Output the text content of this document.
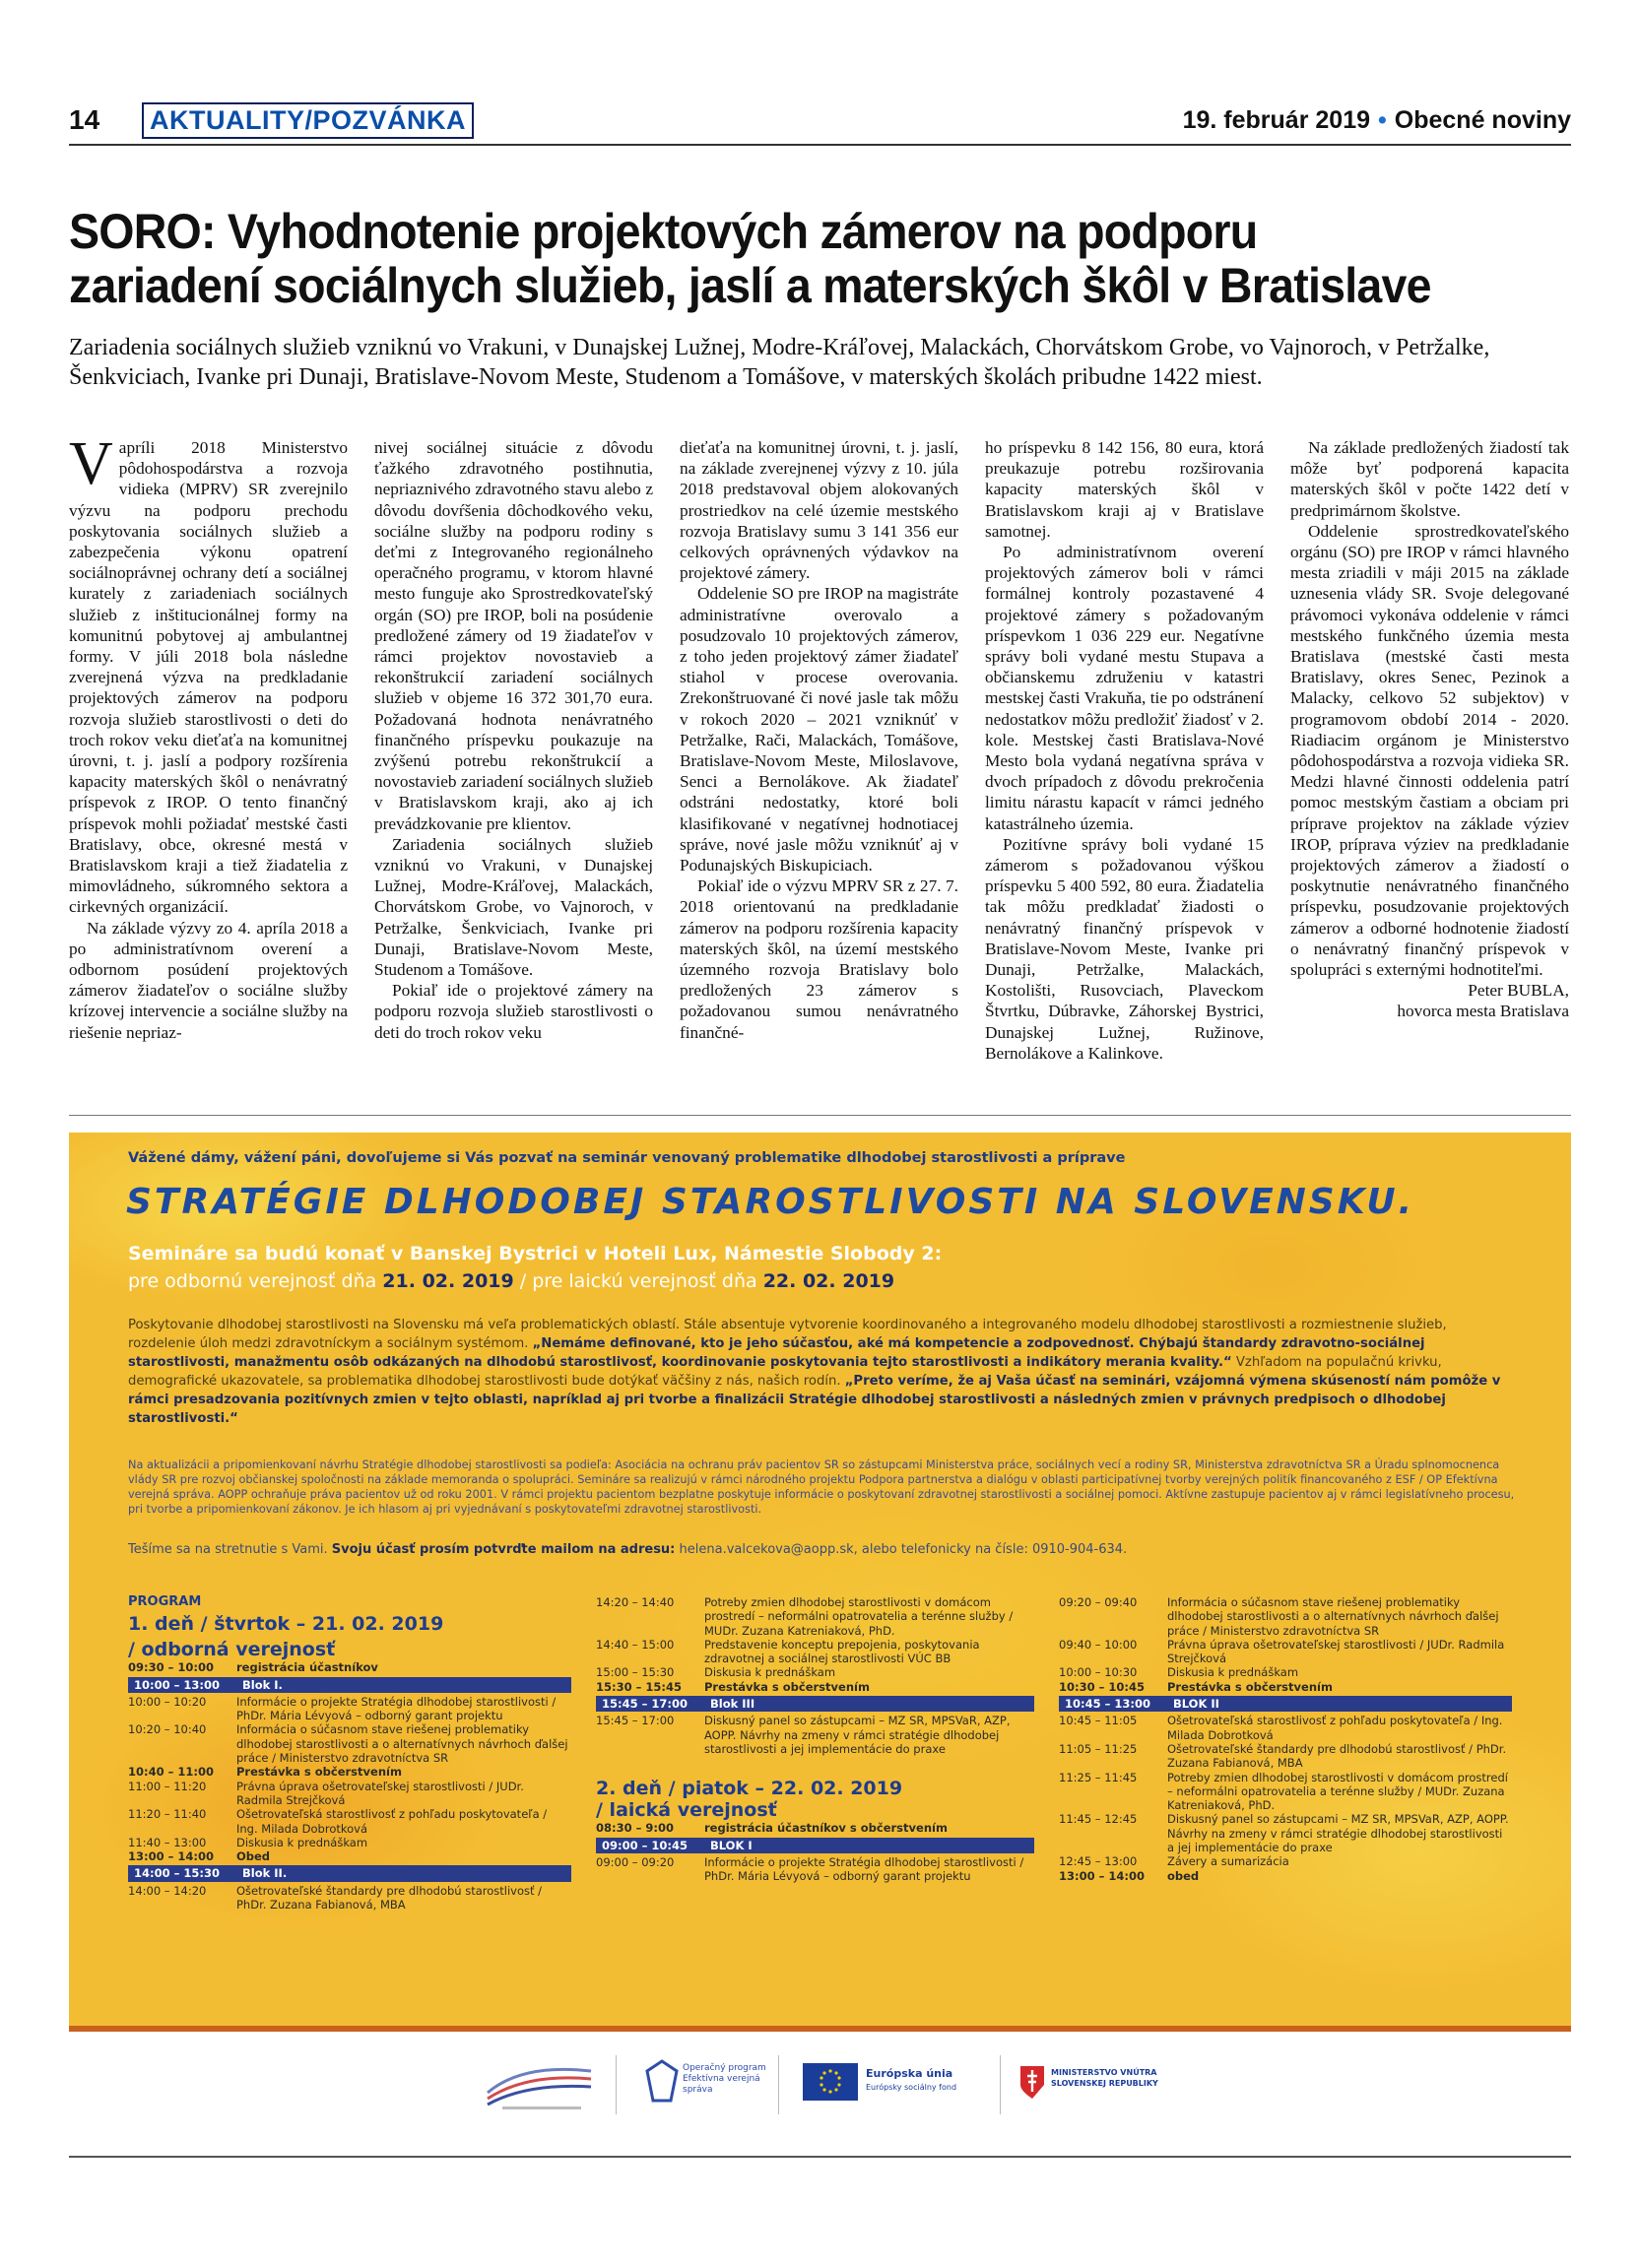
14 AKTUALITY/POZVÁNKA	19. február 2019 • Obecné noviny
SORO: Vyhodnotenie projektových zámerov na podporu
zariadení sociálnych služieb, jaslí a materských škôl v Bratislave
Zariadenia sociálnych služieb vzniknú vo Vrakuni, v Dunajskej Lužnej, Modre-Kráľovej, Malackách, Chorvátskom Grobe, vo Vajnoroch, v Petržalke, Šenkviciach, Ivanke pri Dunaji, Bratislave-Novom Meste, Studenom a Tomášove, v materských školách pribudne 1422 miest.

Vapríli 2018 Ministerstvo pôdohospodárstva a rozvoja vidieka (MPRV) SR zverejnilo výzvu na podporu prechodu poskytovania sociálnych služieb a zabezpečenia výkonu opatrení sociálnoprávnej ochrany detí a sociálnej kurately z zariadeniach sociálnych služieb z inštitucionálnej formy na komunitnú pobytovej aj ambulantnej formy. V júli 2018 bola následne zverejnená výzva na predkladanie projektových zámerov na podporu rozvoja služieb starostlivosti o deti do troch rokov veku dieťaťa na komunitnej úrovni, t. j. jaslí a podpory rozšírenia kapacity materských škôl o nenávratný príspevok z IROP. O tento finančný príspevok mohli požiadať mestské časti Bratislavy, obce, okresné mestá v Bratislavskom kraji a tiež žiadatelia z mimovládneho, súkromného sektora a cirkevných organizácií.

Na základe výzvy zo 4. apríla 2018 a po administratívnom overení a odbornom posúdení projektových zámerov žiadateľov o sociálne služby krízovej intervencie a sociálne služby na riešenie nepriaz-

nivej sociálnej situácie z dôvodu ťažkého zdravotného postihnutia, nepriaznivého zdravotného stavu alebo z dôvodu dovŕšenia dôchodkového veku, sociálne služby na podporu rodiny s deťmi z Integrovaného regionálneho operačného programu, v ktorom hlavné mesto funguje ako Sprostredkovateľský orgán (SO) pre IROP, boli na posúdenie predložené zámery od 19 žiadateľov v rámci projektov novostavieb a rekonštrukcií zariadení sociálnych služieb v objeme 16 372 301,70 eura. Požadovaná hodnota nenávratného finančného príspevku poukazuje na zvýšenú potrebu rekonštrukcií a novostavieb zariadení sociálnych služieb v Bratislavskom kraji, ako aj ich prevádzkovanie pre klientov.

Zariadenia sociálnych služieb vzniknú vo Vrakuni, v Dunajskej Lužnej, Modre-Kráľovej, Malackách, Chorvátskom Grobe, vo Vajnoroch, v Petržalke, Šenkviciach, Ivanke pri Dunaji, Bratislave-Novom Meste, Studenom a Tomášove.

Pokiaľ ide o projektové zámery na podporu rozvoja služieb starostlivosti o deti do troch rokov veku

dieťaťa na komunitnej úrovni, t. j. jaslí, na základe zverejnenej výzvy z 10. júla 2018 predstavoval objem alokovaných prostriedkov na celé územie mestského rozvoja Bratislavy sumu 3 141 356 eur celkových oprávnených výdavkov na projektové zámery.

Oddelenie SO pre IROP na magistráte administratívne overovalo a posudzovalo 10 projektových zámerov, z toho jeden projektový zámer žiadateľ stiahol v procese overovania. Zrekonštruované či nové jasle tak môžu v rokoch 2020 – 2021 vzniknúť v Petržalke, Rači, Malackách, Tomášove, Bratislave-Novom Meste, Miloslavove, Senci a Bernolákove. Ak žiadateľ odstráni nedostatky, ktoré boli klasifikované v negatívnej hodnotiacej správe, nové jasle môžu vzniknúť aj v Podunajských Biskupiciach.

Pokiaľ ide o výzvu MPRV SR z 27. 7. 2018 orientovanú na predkladanie zámerov na podporu rozšírenia kapacity materských škôl, na území mestského územného rozvoja Bratislavy bolo predložených 23 zámerov s požadovanou sumou nenávratného finančné-

ho príspevku 8 142 156, 80 eura, ktorá preukazuje potrebu rozširovania kapacity materských škôl v Bratislavskom kraji aj v Bratislave samotnej.

Po administratívnom overení projektových zámerov boli v rámci formálnej kontroly pozastavené 4 projektové zámery s požadovaným príspevkom 1 036 229 eur. Negatívne správy boli vydané mestu Stupava a občianskemu združeniu v katastri mestskej časti Vrakuňa, tie po odstránení nedostatkov môžu predložiť žiadosť v 2. kole. Mestskej časti Bratislava-Nové Mesto bola vydaná negatívna správa v dvoch prípadoch z dôvodu prekročenia limitu nárastu kapacít v rámci jedného katastrálneho územia.

Pozitívne správy boli vydané 15 zámerom s požadovanou výškou príspevku 5 400 592, 80 eura. Žiadatelia tak môžu predkladať žiadosti o nenávratný finančný príspevok v Bratislave-Novom Meste, Ivanke pri Dunaji, Petržalke, Malackách, Kostolišti, Rusovciach, Plaveckom Štvrtku, Dúbravke, Záhorskej Bystrici, Dunajskej Lužnej, Ružinove, Bernolákove a Kalinkove.

Na základe predložených žiadostí tak môže byť podporená kapacita materských škôl v počte 1422 detí v predprimárnom školstve.

Oddelenie sprostredkovateľského orgánu (SO) pre IROP v rámci hlavného mesta zriadili v máji 2015 na základe uznesenia vlády SR. Svoje delegované právomoci vykonáva oddelenie v rámci mestského funkčného územia mesta Bratislava (mestské časti mesta Bratislavy, okres Senec, Pezinok a Malacky, celkovo 52 subjektov) v programovom období 2014 - 2020. Riadiacim orgánom je Ministerstvo pôdohospodárstva a rozvoja vidieka SR. Medzi hlavné činnosti oddelenia patrí pomoc mestským častiam a obciam pri príprave projektov na základe výziev IROP, príprava výziev na predkladanie projektových zámerov a žiadostí o poskytnutie nenávratného finančného príspevku, posudzovanie projektových zámerov a odborné hodnotenie žiadostí o nenávratný finančný príspevok v spolupráci s externými hodnotiteľmi.

Peter BUBLA,
hovorca mesta Bratislava
Vážené dámy, vážení páni, dovoľujeme si Vás pozvať na seminár venovaný problematike dlhodobej starostlivosti a príprave
STRATÉGIE DLHODOBEJ STAROSTLIVOSTI NA SLOVENSKU.
Semináre sa budú konať v Banskej Bystrici v Hoteli Lux, Námestie Slobody 2:
pre odbornú verejnosť dňa 21. 02. 2019 / pre laickú verejnosť dňa 22. 02. 2019
Poskytovanie dlhodobej starostlivosti na Slovensku má veľa problematických oblastí. Stále absentuje vytvorenie koordinovaného a integrovaného modelu dlhodobej starostlivosti a rozmiestnenie služieb, rozdelenie úloh medzi zdravotníckym a sociálnym systémom. „Nemáme definované, kto je jeho súčasťou, aké má kompetencie a zodpovednosť. Chýbajú štandardy zdravotno-sociálnej starostlivosti, manažmentu osôb odkázaných na dlhodobú starostlivosť, koordinovanie poskytovania tejto starostlivosti a indikátory merania kvality.“ Vzhľadom na populačnú krivku, demografické ukazovatele, sa problematika dlhodobej starostlivosti bude dotýkať väčšiny z nás, našich rodín. „Preto veríme, že aj Vaša účasť na seminári, vzájomná výmena skúseností nám pomôže v rámci presadzovania pozitívnych zmien v tejto oblasti, napríklad aj pri tvorbe a finalizácii Stratégie dlhodobej starostlivosti a následných zmien v právnych predpisoch o dlhodobej starostlivosti.“
Na aktualizácii a pripomienkovaní návrhu Stratégie dlhodobej starostlivosti sa podieľa: Asociácia na ochranu práv pacientov SR so zástupcami Ministerstva práce, sociálnych vecí a rodiny SR, Ministerstva zdravotníctva SR a Úradu splnomocnenca vlády SR pre rozvoj občianskej spoločnosti na základe memoranda o spolupráci. Semináre sa realizujú v rámci národného projektu Podpora partnerstva a dialógu v oblasti participatívnej tvorby verejných politík financovaného z ESF / OP Efektívna verejná správa. AOPP ochraňuje práva pacientov už od roku 2001. V rámci projektu pacientom bezplatne poskytuje informácie o poskytovaní zdravotnej starostlivosti a sociálnej pomoci. Aktívne zastupuje pacientov aj v rámci legislatívneho procesu, pri tvorbe a pripomienkovaní zákonov. Je ich hlasom aj pri vyjednávaní s poskytovateľmi zdravotnej starostlivosti.
Tešíme sa na stretnutie s Vami. Svoju účasť prosím potvrďte mailom na adresu: helena.valcekova@aopp.sk, alebo telefonicky na čísle: 0910-904-634.
PROGRAM
1. deň / štvrtok – 21. 02. 2019
/ odborná verejnosť
09:30 – 10:00	registrácia účastníkov
10:00 – 13:00	Blok I.
10:00 – 10:20	Informácie o projekte Stratégia dlhodobej starostlivosti / PhDr. Mária Lévyová – odborný garant projektu
10:20 – 10:40	Informácia o súčasnom stave riešenej problematiky dlhodobej starostlivosti a o alternatívnych návrhoch ďalšej práce / Ministerstvo zdravotníctva SR
10:40 – 11:00	Prestávka s občerstvením
11:00 – 11:20	Právna úprava ošetrovateľskej starostlivosti / JUDr. Radmila Strejčková
11:20 – 11:40	Ošetrovateľská starostlivosť z pohľadu poskytovateľa / Ing. Milada Dobrotková
11:40 – 13:00	Diskusia k prednáškam
13:00 – 14:00	Obed
14:00 – 15:30	Blok II.
14:00 – 14:20	Ošetrovateľské štandardy pre dlhodobú starostlivosť / PhDr. Zuzana Fabianová, MBA
14:20 – 14:40	Potreby zmien dlhodobej starostlivosti v domácom prostredí – neformálni opatrovatelia a terénne služby / MUDr. Zuzana Katreniaková, PhD.
14:40 – 15:00	Predstavenie konceptu prepojenia, poskytovania zdravotnej a sociálnej starostlivosti VÚC BB
15:00 – 15:30	Diskusia k prednáškam
15:30 – 15:45	Prestávka s občerstvením
15:45 – 17:00	Blok III
15:45 – 17:00	Diskusný panel so zástupcami – MZ SR, MPSVaR, AZP, AOPP. Návrhy na zmeny v rámci stratégie dlhodobej starostlivosti a jej implementácie do praxe
2. deň / piatok – 22. 02. 2019
/ laická verejnosť
08:30 – 9:00	registrácia účastníkov s občerstvením
09:00 – 10:45	BLOK I
09:00 – 09:20	Informácie o projekte Stratégia dlhodobej starostlivosti / PhDr. Mária Lévyová – odborný garant projektu
09:20 – 09:40	Informácia o súčasnom stave riešenej problematiky dlhodobej starostlivosti a o alternatívnych návrhoch ďalšej práce / Ministerstvo zdravotníctva SR
09:40 – 10:00	Právna úprava ošetrovateľskej starostlivosti / JUDr. Radmila Strejčková
10:00 – 10:30	Diskusia k prednáškam
10:30 – 10:45	Prestávka s občerstvením
10:45 – 13:00	BLOK II
10:45 – 11:05	Ošetrovateľská starostlivosť z pohľadu poskytovateľa / Ing. Milada Dobrotková
11:05 – 11:25	Ošetrovateľské štandardy pre dlhodobú starostlivosť / PhDr. Zuzana Fabianová, MBA
11:25 – 11:45	Potreby zmien dlhodobej starostlivosti v domácom prostredí – neformálni opatrovatelia a terénne služby / MUDr. Zuzana Katreniaková, PhD.
11:45 – 12:45	Diskusný panel so zástupcami – MZ SR, MPSVaR, AZP, AOPP. Návrhy na zmeny v rámci stratégie dlhodobej starostlivosti a jej implementácie do praxe
12:45 – 13:00	Závery a sumarizácia
13:00 – 14:00	obed
Operačný program Efektívna verejná správa
Európska únia
Európsky sociálny fond
MINISTERSTVO VNÚTRA SLOVENSKEJ REPUBLIKY
